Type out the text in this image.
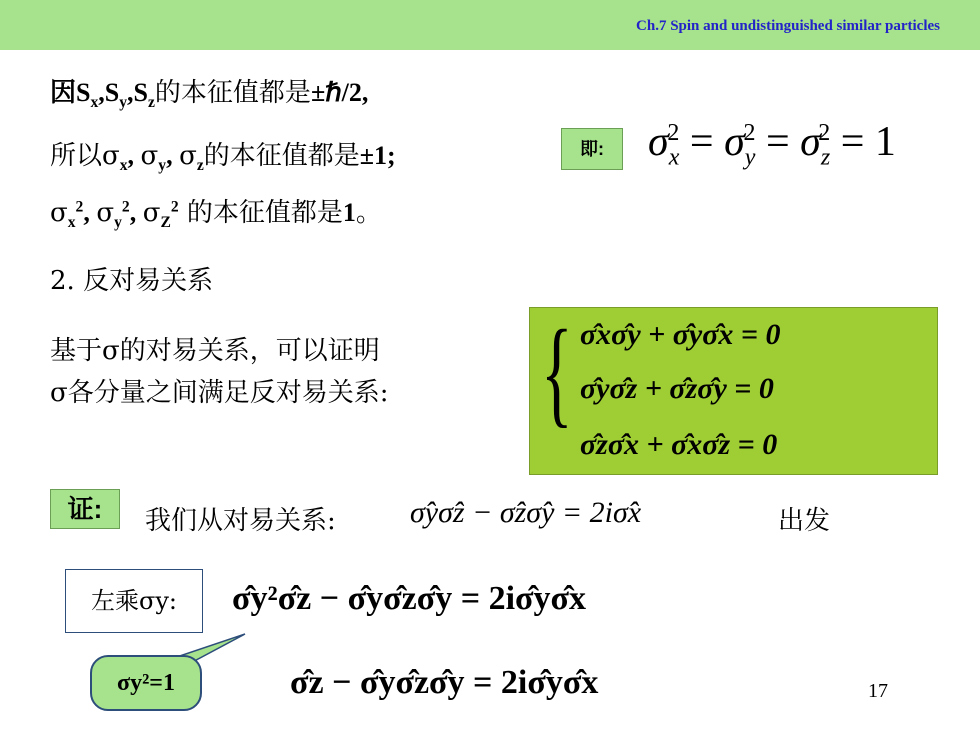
Ch.7 Spin and undistinguished similar particles
因$S_x,S_y,S_z$的本征值都是±ℏ/2,
所以$\sigma_x$, $\sigma_y$, $\sigma_z$的本征值都是±1;
$\sigma_x^2$, $\sigma_y^2$, $\sigma_Z^2$ 的本征值都是1。
即:	$\sigma_x^2 = \sigma_y^2 = \sigma_z^2 = 1$
2. 反对易关系
基于σ的对易关系，可以证明
σ各分量之间满足反对易关系: { σ̂xσ̂y + σ̂yσ̂x = 0
σ̂yσ̂z + σ̂zσ̂y = 0
σ̂zσ̂x + σ̂xσ̂z = 0
证:	我们从对易关系: σ̂yσ̂z − σ̂zσ̂y = 2iσ̂x	出发
左乘σy:	σ̂y²σ̂z − σ̂yσ̂zσ̂y = 2iσ̂yσ̂x
σy²=1	σ̂z − σ̂yσ̂zσ̂y = 2iσ̂yσ̂x	17
